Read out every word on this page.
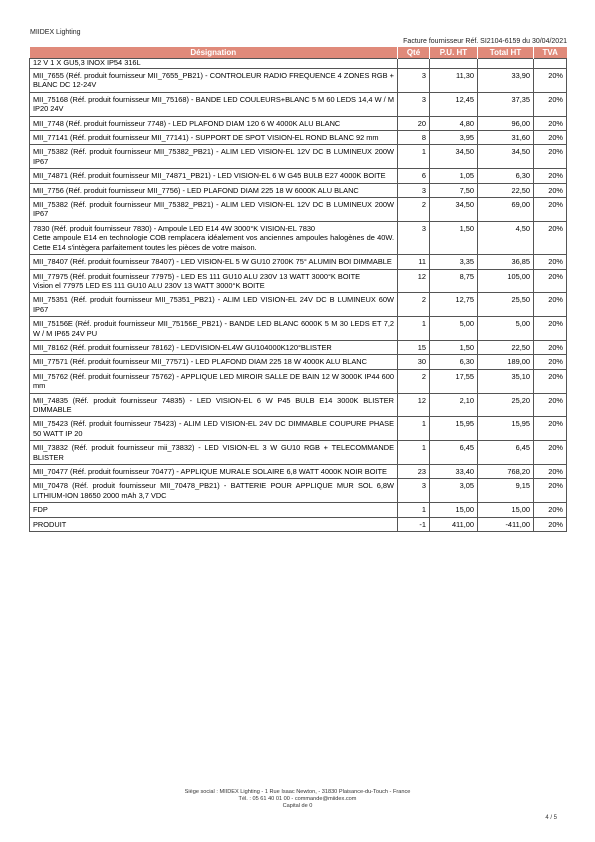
MIIDEX Lighting
Facture fournisseur Réf. SI2104-6159 du 30/04/2021
Désignation	Qté	P.U. HT	Total HT	TVA
12 V 1 X GU5,3 INOX IP54 316L				
MII_7655 (Réf. produit fournisseur MII_7655_PB21) - CONTROLEUR RADIO FREQUENCE 4 ZONES RGB + BLANC DC 12-24V	3	11,30	33,90	20%
MII_75168 (Réf. produit fournisseur MII_75168) - BANDE LED COULEURS+BLANC 5 M 60 LEDS 14,4 W / M IP20 24V	3	12,45	37,35	20%
MII_7748 (Réf. produit fournisseur 7748) - LED PLAFOND DIAM 120 6 W 4000K ALU BLANC	20	4,80	96,00	20%
MII_77141 (Réf. produit fournisseur MII_77141) - SUPPORT DE SPOT VISION-EL ROND BLANC 92 mm	8	3,95	31,60	20%
MII_75382 (Réf. produit fournisseur MII_75382_PB21) - ALIM LED VISION-EL 12V DC B LUMINEUX 200W IP67	1	34,50	34,50	20%
MII_74871 (Réf. produit fournisseur MII_74871_PB21) - LED VISION-EL 6 W G45 BULB E27 4000K BOITE	6	1,05	6,30	20%
MII_7756 (Réf. produit fournisseur MII_7756) - LED PLAFOND DIAM 225 18 W 6000K ALU BLANC	3	7,50	22,50	20%
MII_75382 (Réf. produit fournisseur MII_75382_PB21) - ALIM LED VISION-EL 12V DC B LUMINEUX 200W IP67	2	34,50	69,00	20%
7830 (Réf. produit fournisseur 7830) - Ampoule LED E14 4W 3000°K VISION-EL 7830
Cette ampoule E14 en technologie COB remplacera idéalement vos anciennes ampoules halogènes de 40W. Cette E14 s'intègera parfaitement toutes les pièces de votre maison.	3	1,50	4,50	20%
MII_78407 (Réf. produit fournisseur 78407) - LED VISION-EL 5 W GU10 2700K 75° ALUMIN BOI DIMMABLE	11	3,35	36,85	20%
MII_77975 (Réf. produit fournisseur 77975) - LED ES 111 GU10 ALU 230V 13 WATT 3000°K BOITE
Vision el 77975 LED ES 111 GU10 ALU 230V 13 WATT 3000°K BOITE	12	8,75	105,00	20%
MII_75351 (Réf. produit fournisseur MII_75351_PB21) - ALIM LED VISION-EL 24V DC B LUMINEUX 60W IP67	2	12,75	25,50	20%
MII_75156E (Réf. produit fournisseur MII_75156E_PB21) - BANDE LED BLANC 6000K 5 M 30 LEDS ET 7,2 W / M IP65 24V PU	1	5,00	5,00	20%
MII_78162 (Réf. produit fournisseur 78162) - LEDVISION-EL4W GU104000K120°BLISTER	15	1,50	22,50	20%
MII_77571 (Réf. produit fournisseur MII_77571) - LED PLAFOND DIAM 225 18 W 4000K ALU BLANC	30	6,30	189,00	20%
MII_75762 (Réf. produit fournisseur 75762) - APPLIQUE LED MIROIR SALLE DE BAIN 12 W 3000K IP44 600 mm	2	17,55	35,10	20%
MII_74835 (Réf. produit fournisseur 74835) - LED VISION-EL 6 W P45 BULB E14 3000K BLISTER DIMMABLE	12	2,10	25,20	20%
MII_75423 (Réf. produit fournisseur 75423) - ALIM LED VISION-EL 24V DC DIMMABLE COUPURE PHASE 50 WATT IP 20	1	15,95	15,95	20%
MII_73832 (Réf. produit fournisseur mii_73832) - LED VISION-EL 3 W GU10 RGB + TELECOMMANDE BLISTER	1	6,45	6,45	20%
MII_70477 (Réf. produit fournisseur 70477) - APPLIQUE MURALE SOLAIRE 6,8 WATT 4000K NOIR BOITE	23	33,40	768,20	20%
MII_70478 (Réf. produit fournisseur MII_70478_PB21) - BATTERIE POUR APPLIQUE MUR SOL 6,8W LITHIUM-ION 18650 2000 mAh 3,7 VDC	3	3,05	9,15	20%
FDP	1	15,00	15,00	20%
PRODUIT	-1	411,00	-411,00	20%
Siège social : MIIDEX Lighting - 1 Rue Isaac Newton, - 31830 Plaisance-du-Touch - France
Tél. : 05 61 40 01 00 - commande@miidex.com
Capital de 0
4 / 5
